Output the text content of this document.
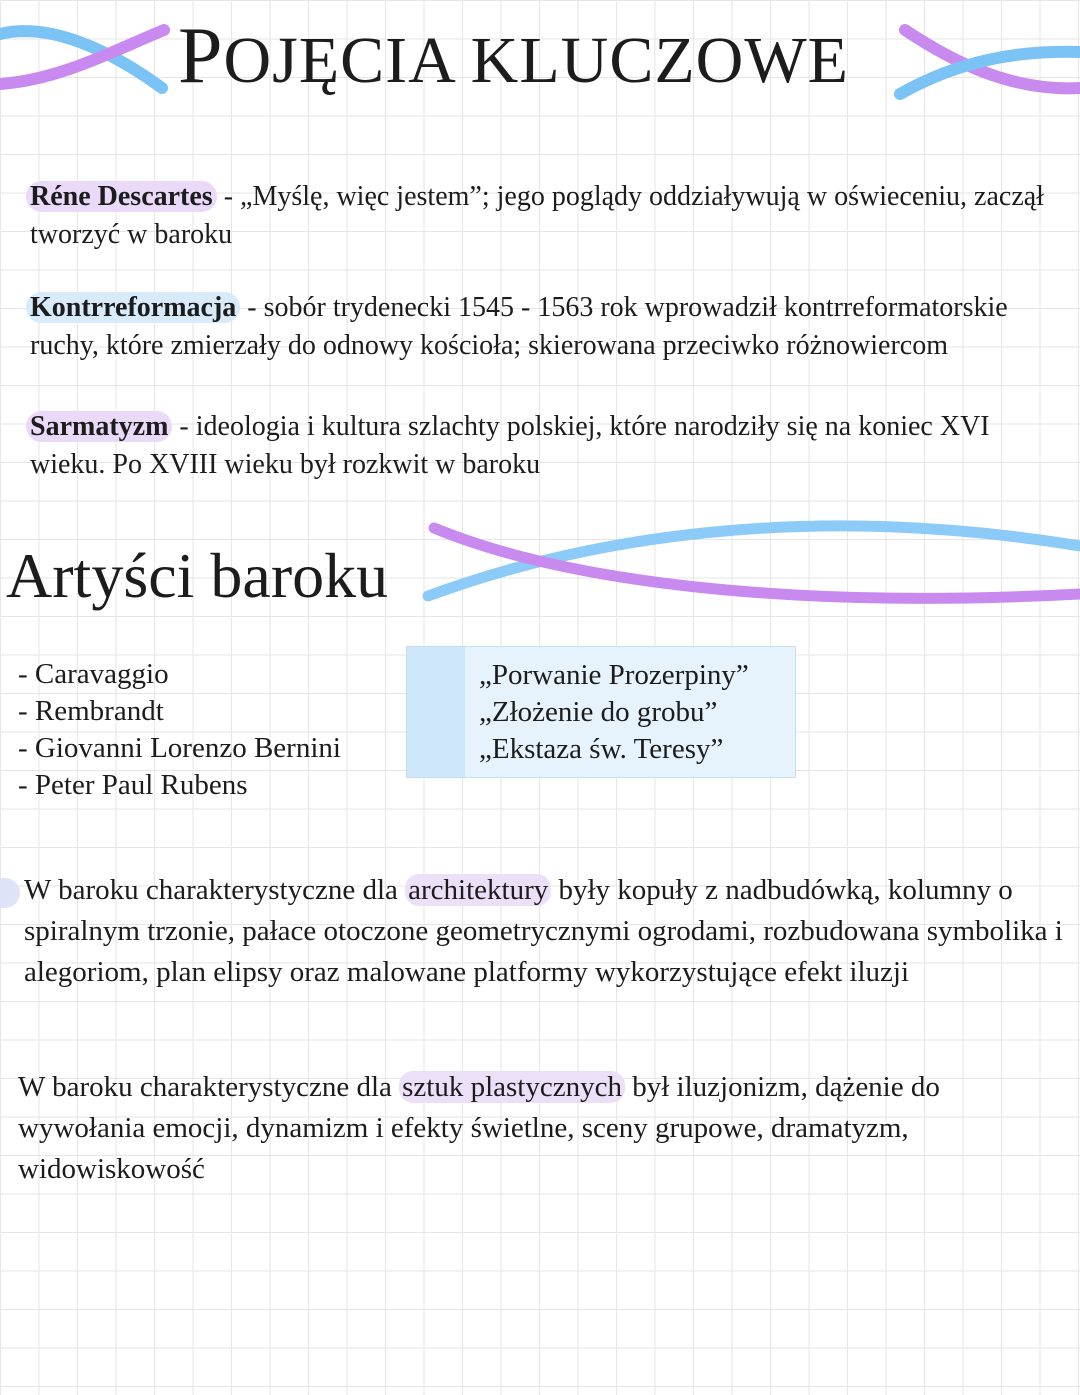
POJĘCIA KLUCZOWE
Réne Descartes - „Myślę, więc jestem”; jego poglądy oddziaływują w oświeceniu, zaczął tworzyć w baroku
Kontrreformacja - sobór trydenecki 1545 - 1563 rok wprowadził kontrreformatorskie ruchy, które zmierzały do odnowy kościoła; skierowana przeciwko różnowiercom
Sarmatyzm - ideologia i kultura szlachty polskiej, które narodziły się na koniec XVI wieku. Po XVIII wieku był rozkwit w baroku
Artyści baroku
- Caravaggio
- Rembrandt
- Giovanni Lorenzo Bernini
- Peter Paul Rubens
„Porwanie Prozerpiny”
„Złożenie do grobu”
„Ekstaza św. Teresy”
W baroku charakterystyczne dla architektury były kopuły z nadbudówką, kolumny o spiralnym trzonie, pałace otoczone geometrycznymi ogrodami, rozbudowana symbolika i alegoriom, plan elipsy oraz malowane platformy wykorzystujące efekt iluzji
W baroku charakterystyczne dla sztuk plastycznych był iluzjonizm, dążenie do wywołania emocji, dynamizm i efekty świetlne, sceny grupowe, dramatyzm, widowiskowość
